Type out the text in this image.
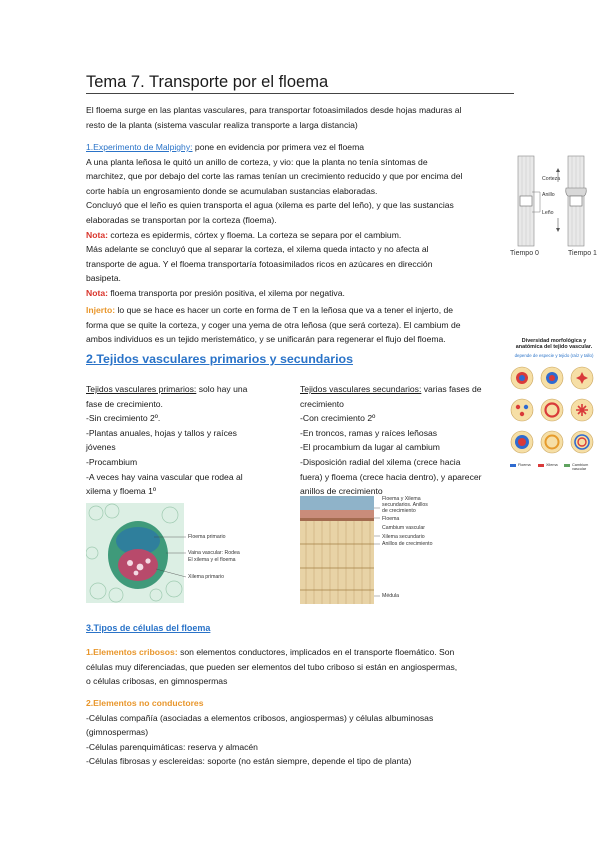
Tema 7. Transporte por el floema

El floema surge en las plantas vasculares, para transportar fotoasimilados desde hojas maduras al

resto de la planta (sistema vascular realiza transporte a larga distancia)

1.Experimento de Malpighy: pone en evidencia por primera vez el floema

A una planta leñosa le quitó un anillo de corteza, y vio: que la planta no tenía síntomas de

marchitez, que por debajo del corte las ramas tenían un crecimiento reducido y que por encima del

corte había un engrosamiento donde se acumulaban sustancias elaboradas.

Concluyó que el leño es quien transporta el agua (xilema es parte del leño), y que las sustancias

elaboradas se transportan por la corteza (floema).

Nota: corteza es epidermis, córtex y floema. La corteza se separa por el cambium.

Más adelante se concluyó que al separar la corteza, el xilema queda intacto y no afecta al

transporte de agua. Y el floema transportaría fotoasimilados ricos en azúcares en dirección

basipeta.

Nota: floema transporta por presión positiva, el xilema por negativa.

Anillo
Corteza
Leño
Tiempo 0	Tiempo 1

Injerto: lo que se hace es hacer un corte en forma de T en la leñosa que va a tener el injerto, de

forma que se quite la corteza, y coger una yema de otra leñosa (que será corteza). El cambium de

ambos individuos es un tejido meristemático, y se unificarán para regenerar el flujo del floema.

2.Tejidos vasculares primarios y secundarios
Diversidad morfológica y anatómica del tejido vascular.
depende de especie y tejido (raíz y tallo)
Floema	Xilema	Cambium vascular

Tejidos vasculares primarios: solo hay una

fase de crecimiento.

-Sin crecimiento 2º.

-Plantas anuales, hojas y tallos y raíces

jóvenes

-Procambium

-A veces hay vaina vascular que rodea al

xilema y floema 1º

Tejidos vasculares secundarios: varias fases de

crecimiento

-Con crecimiento 2º

-En troncos, ramas y raíces leñosas

-El procambium da lugar al cambium

-Disposición radial del xilema (crece hacia

fuera) y floema (crece hacia dentro), y aparecer

anillos de crecimiento

Floema primario
Vaina vascular: Rodea
El xilema y el floema
Xilema primario
Floema y Xilema
secundarios. Anillos
de crecimiento
Floema
Cambium vascular
Xilema secundario
Anillos de crecimiento
Médula
3.Tipos de células del floema

1.Elementos cribosos: son elementos conductores, implicados en el transporte floemático. Son

células muy diferenciadas, que pueden ser elementos del tubo criboso si están en angiospermas,

o células cribosas, en gimnospermas

2.Elementos no conductores

-Células compañía (asociadas a elementos cribosos, angiospermas) y células albuminosas

(gimnospermas)

-Células parenquimáticas: reserva y almacén

-Células fibrosas y esclereidas: soporte (no están siempre, depende el tipo de planta)
